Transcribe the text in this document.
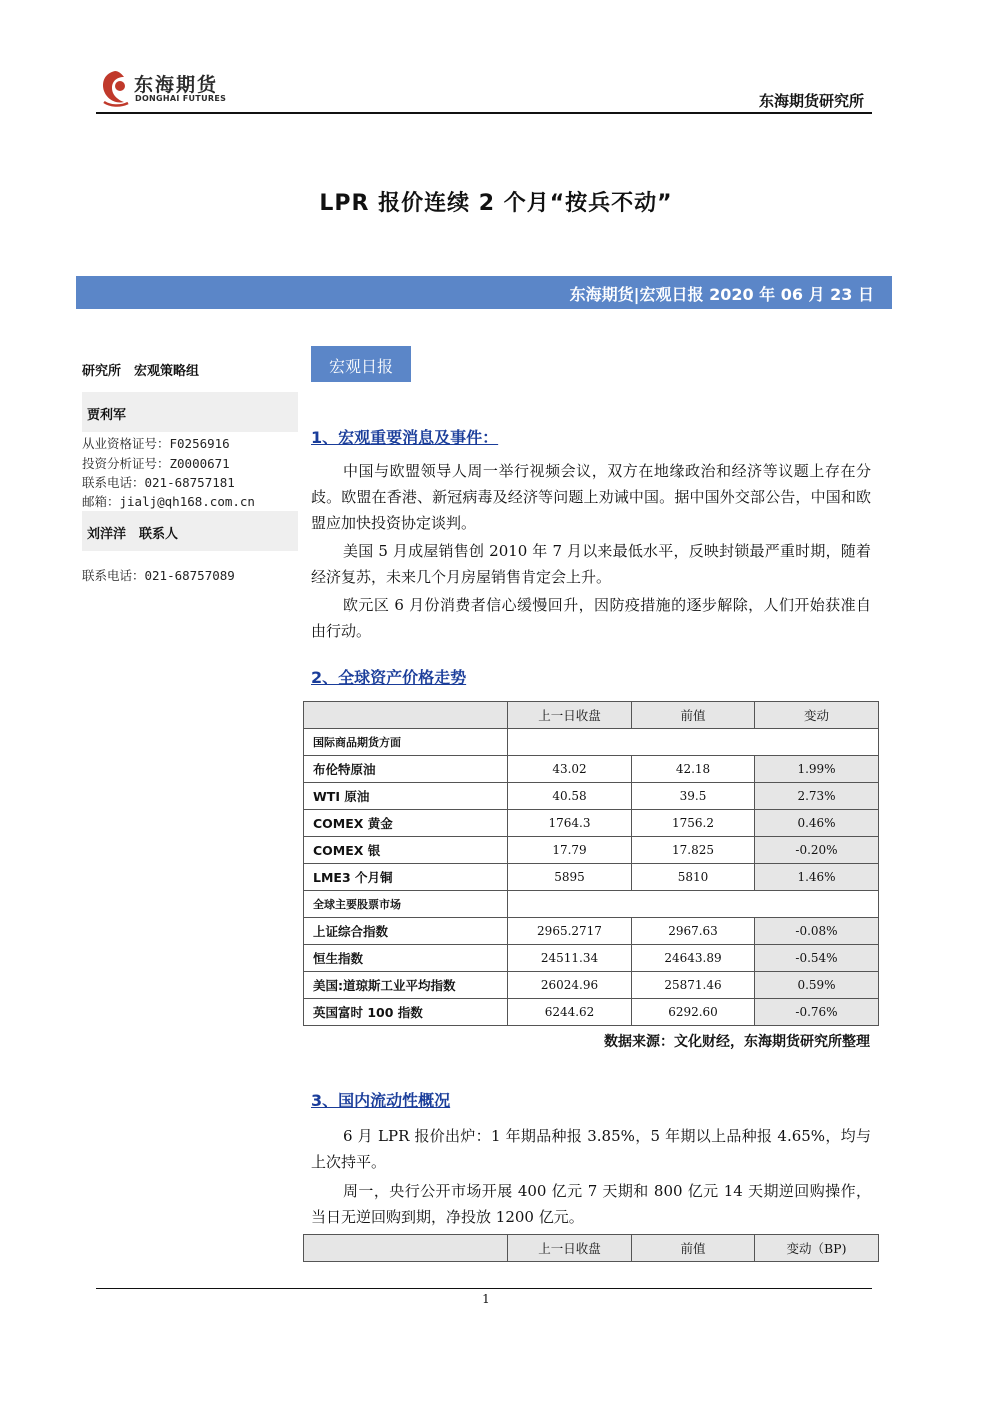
东海期货
DONGHAI FUTURES	东海期货研究所
LPR 报价连续 2 个月“按兵不动”
东海期货|宏观日报 2020 年 06 月 23 日
研究所　宏观策略组
贾利军
从业资格证号：F0256916
投资分析证号：Z0000671
联系电话：021-68757181
邮箱：jialj@qh168.com.cn
刘洋洋　联系人
联系电话：021-68757089
宏观日报
1、宏观重要消息及事件：
中国与欧盟领导人周一举行视频会议，双方在地缘政治和经济等议题上存在分歧。欧盟在香港、新冠病毒及经济等问题上劝诫中国。据中国外交部公告，中国和欧盟应加快投资协定谈判。
美国 5 月成屋销售创 2010 年 7 月以来最低水平，反映封锁最严重时期，随着经济复苏，未来几个月房屋销售肯定会上升。
欧元区 6 月份消费者信心缓慢回升，因防疫措施的逐步解除，人们开始获准自由行动。
2、全球资产价格走势
	上一日收盘	前值	变动
国际商品期货方面			
布伦特原油	43.02	42.18	1.99%
WTI 原油	40.58	39.5	2.73%
COMEX 黄金	1764.3	1756.2	0.46%
COMEX 银	17.79	17.825	-0.20%
LME3 个月铜	5895	5810	1.46%
全球主要股票市场			
上证综合指数	2965.2717	2967.63	-0.08%
恒生指数	24511.34	24643.89	-0.54%
美国:道琼斯工业平均指数	26024.96	25871.46	0.59%
英国富时 100 指数	6244.62	6292.60	-0.76%
数据来源：文化财经，东海期货研究所整理
3、国内流动性概况
6 月 LPR 报价出炉：1 年期品种报 3.85%，5 年期以上品种报 4.65%，均与上次持平。
周一，央行公开市场开展 400 亿元 7 天期和 800 亿元 14 天期逆回购操作，当日无逆回购到期，净投放 1200 亿元。
	上一日收盘	前值	变动（BP)
1
